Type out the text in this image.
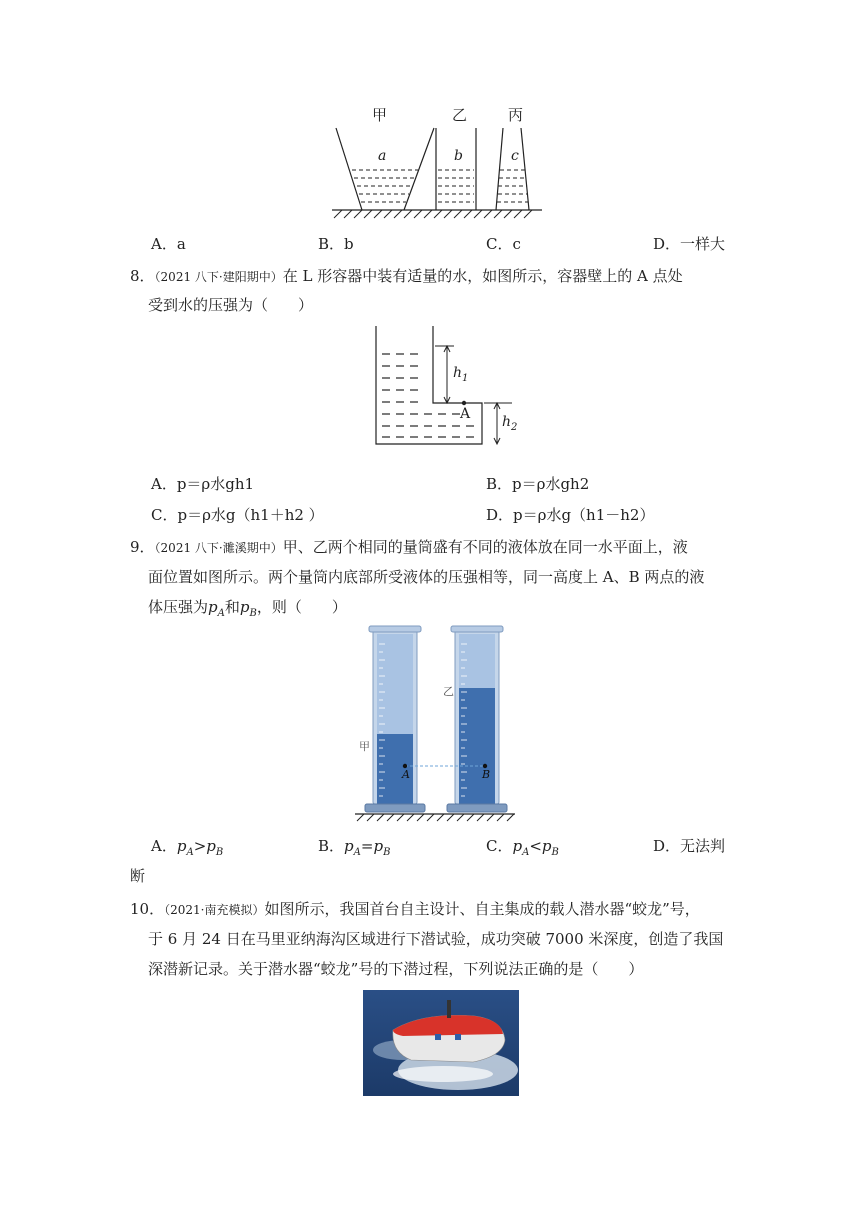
甲	乙	丙
a	b	c
A．a	B．b	C．c	D．一样大
8．（2021 八下·建阳期中）在 L 形容器中装有适量的水，如图所示，容器壁上的 A 点处
受到水的压强为（　　）
A
$h_1$
$h_2$
A．p＝ρ水gh1	B．p＝ρ水gh2
C．p＝ρ水g（h1＋h2 ）	D．p＝ρ水g（h1－h2）
9．（2021 八下·濉溪期中）甲、乙两个相同的量筒盛有不同的液体放在同一水平面上，液
面位置如图所示。两个量筒内底部所受液体的压强相等，同一高度上 A、B 两点的液
体压强为$p_A$和$p_B$，则（　　）
甲
乙
A	B
A．$p_A>p_B$	B．$p_A=p_B$	C．$p_A<p_B$	D．无法判
断
10．（2021·南充模拟）如图所示，我国首台自主设计、自主集成的载人潜水器“蛟龙”号，
于 6 月 24 日在马里亚纳海沟区域进行下潜试验，成功突破 7000 米深度，创造了我国
深潜新记录。关于潜水器“蛟龙”号的下潜过程，下列说法正确的是（　　）
